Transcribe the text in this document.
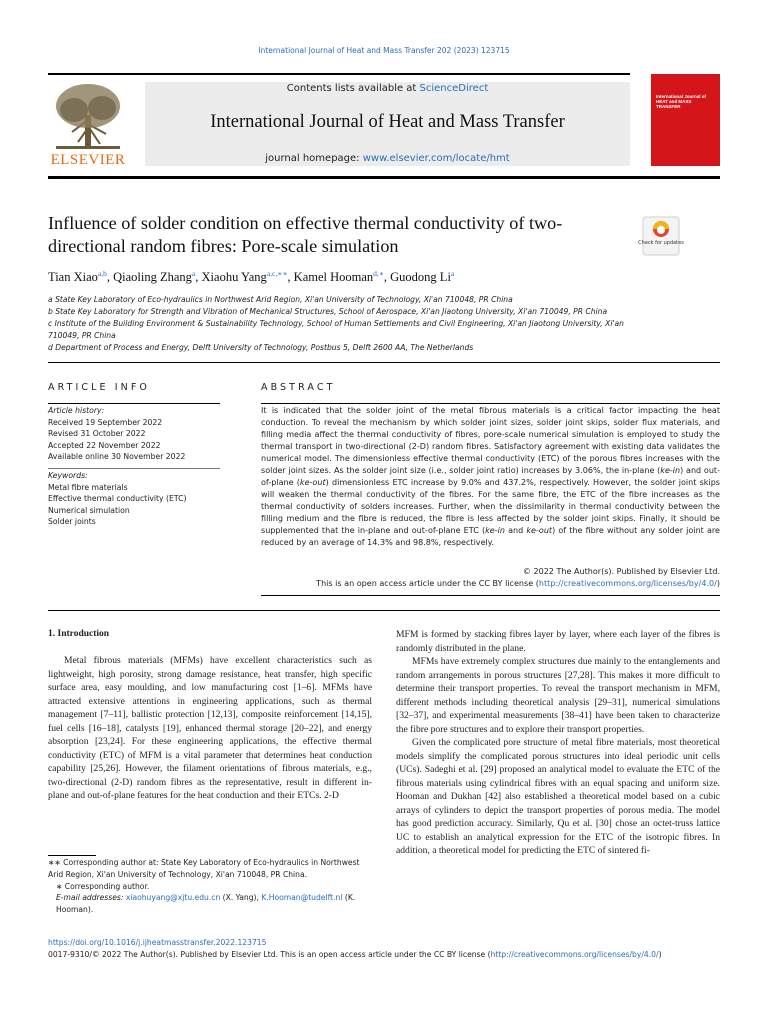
International Journal of Heat and Mass Transfer 202 (2023) 123715
Contents lists available at ScienceDirect
International Journal of Heat and Mass Transfer
journal homepage: www.elsevier.com/locate/hmt
ELSEVIER
International Journal of HEAT and MASS TRANSFER
Influence of solder condition on effective thermal conductivity of two-directional random fibres: Pore-scale simulation	Check for updates
Tian Xiao$^{a,b}$, Qiaoling Zhang$^a$, Xiaohu Yang$^{a,c,∗∗}$, Kamel Hooman$^{d,∗}$, Guodong Li$^a$
a State Key Laboratory of Eco-hydraulics in Northwest Arid Region, Xi'an University of Technology, Xi'an 710048, PR China
b State Key Laboratory for Strength and Vibration of Mechanical Structures, School of Aerospace, Xi'an Jiaotong University, Xi'an 710049, PR China
c Institute of the Building Environment & Sustainability Technology, School of Human Settlements and Civil Engineering, Xi'an Jiaotong University, Xi'an 710049, PR China
d Department of Process and Energy, Delft University of Technology, Postbus 5, Delft 2600 AA, The Netherlands
ARTICLE INFO	ABSTRACT
Article history:
Received 19 September 2022
Revised 31 October 2022
Accepted 22 November 2022
Available online 30 November 2022
Keywords:
Metal fibre materials
Effective thermal conductivity (ETC)
Numerical simulation
Solder joints
It is indicated that the solder joint of the metal fibrous materials is a critical factor impacting the heat conduction. To reveal the mechanism by which solder joint sizes, solder joint skips, solder flux materials, and filling media affect the thermal conductivity of fibres, pore-scale numerical simulation is employed to study the thermal transport in two-directional (2-D) random fibres. Satisfactory agreement with existing data validates the numerical model. The dimensionless effective thermal conductivity (ETC) of the porous fibres increases with the solder joint sizes. As the solder joint size (i.e., solder joint ratio) increases by 3.06%, the in-plane (ke-in) and out-of-plane (ke-out) dimensionless ETC increase by 9.0% and 437.2%, respectively. However, the solder joint skips will weaken the thermal conductivity of the fibres. For the same fibre, the ETC of the fibre increases as the thermal conductivity of solders increases. Further, when the dissimilarity in thermal conductivity between the filling medium and the fibre is reduced, the fibre is less affected by the solder joint skips. Finally, it should be supplemented that the in-plane and out-of-plane ETC (ke-in and ke-out) of the fibre without any solder joint are reduced by an average of 14.3% and 98.8%, respectively.
© 2022 The Author(s). Published by Elsevier Ltd.
This is an open access article under the CC BY license (http://creativecommons.org/licenses/by/4.0/)
1. Introduction

Metal fibrous materials (MFMs) have excellent characteristics such as lightweight, high porosity, strong damage resistance, heat transfer, high specific surface area, easy moulding, and low manufacturing cost [1–6]. MFMs have attracted extensive attentions in engineering applications, such as thermal management [7–11], ballistic protection [12,13], composite reinforcement [14,15], fuel cells [16–18], catalysts [19], enhanced thermal storage [20–22], and energy absorption [23,24]. For these engineering applications, the effective thermal conductivity (ETC) of MFM is a vital parameter that determines heat conduction capability [25,26]. However, the filament orientations of fibrous materials, e.g., two-directional (2-D) random fibres as the representative, result in different in-plane and out-of-plane features for the heat conduction and their ETCs. 2-D

MFM is formed by stacking fibres layer by layer, where each layer of the fibres is randomly distributed in the plane.

MFMs have extremely complex structures due mainly to the entanglements and random arrangements in porous structures [27,28]. This makes it more difficult to determine their transport properties. To reveal the transport mechanism in MFM, different methods including theoretical analysis [29–31], numerical simulations [32–37], and experimental measurements [38–41] have been taken to characterize the fibre pore structures and to explore their transport properties.

Given the complicated pore structure of metal fibre materials, most theoretical models simplify the complicated porous structures into ideal periodic unit cells (UCs). Sadeghi et al. [29] proposed an analytical model to evaluate the ETC of the fibrous materials using cylindrical fibres with an equal spacing and uniform size. Hooman and Dukhan [42] also established a theoretical model based on a cubic arrays of cylinders to depict the transport properties of porous media. The model has good prediction accuracy. Similarly, Qu et al. [30] chose an octet-truss lattice UC to establish an analytical expression for the ETC of the isotropic fibres. In addition, a theoretical model for predicting the ETC of sintered fi-

∗∗ Corresponding author at: State Key Laboratory of Eco-hydraulics in Northwest Arid Region, Xi'an University of Technology, Xi'an 710048, PR China.
∗ Corresponding author.
E-mail addresses: xiaohuyang@xjtu.edu.cn (X. Yang), K.Hooman@tudelft.nl (K. Hooman).
https://doi.org/10.1016/j.ijheatmasstransfer.2022.123715
0017-9310/© 2022 The Author(s). Published by Elsevier Ltd. This is an open access article under the CC BY license (http://creativecommons.org/licenses/by/4.0/)
